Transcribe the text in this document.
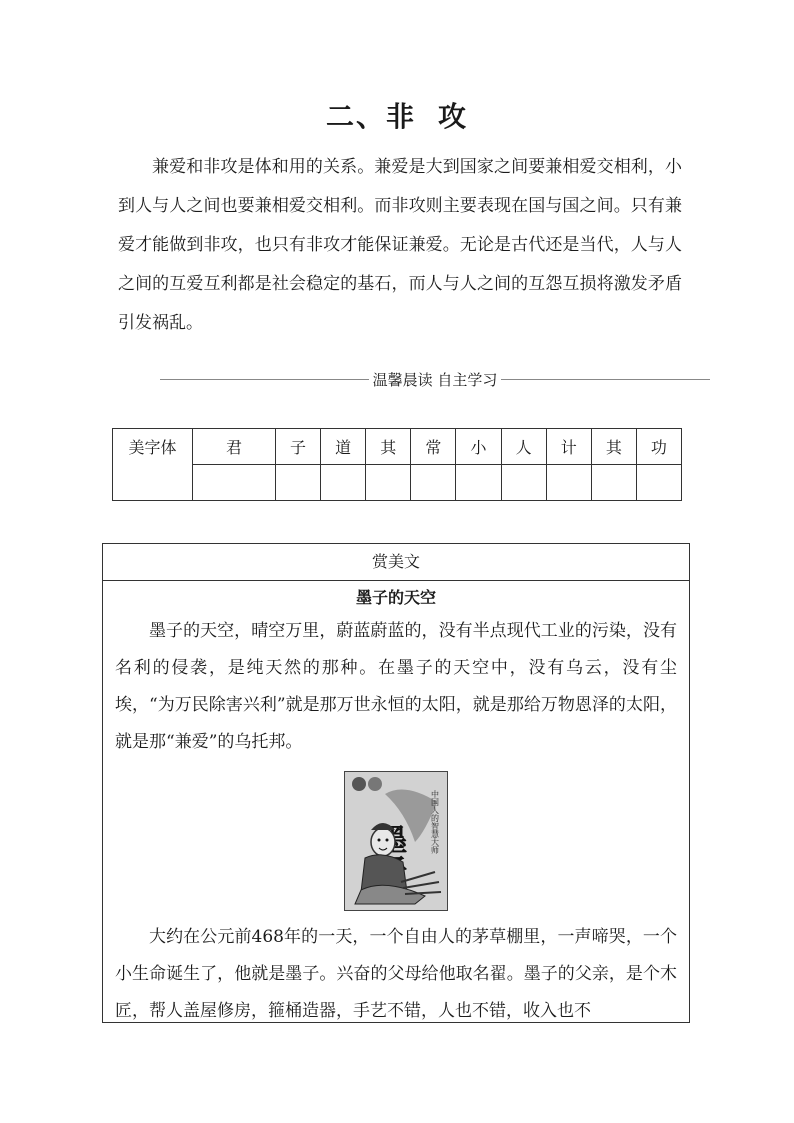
二、非 攻

兼爱和非攻是体和用的关系。兼爱是大到国家之间要兼相爱交相利，小到人与人之间也要兼相爱交相利。而非攻则主要表现在国与国之间。只有兼爱才能做到非攻，也只有非攻才能保证兼爱。无论是古代还是当代，人与人之间的互爱互利都是社会稳定的基石，而人与人之间的互怨互损将激发矛盾引发祸乱。

温馨晨读 自主学习
美字体	君	子	道	其	常	小	人	计	其	功

赏美文
墨子的天空

墨子的天空，晴空万里，蔚蓝蔚蓝的，没有半点现代工业的污染，没有名利的侵袭，是纯天然的那种。在墨子的天空中，没有乌云，没有尘埃，“为万民除害兴利”就是那万世永恒的太阳，就是那给万物恩泽的太阳，就是那“兼爱”的乌托邦。

中国人的智慧大师

大约在公元前468年的一天，一个自由人的茅草棚里，一声啼哭，一个小生命诞生了，他就是墨子。兴奋的父母给他取名翟。墨子的父亲，是个木匠，帮人盖屋修房，箍桶造器，手艺不错，人也不错，收入也不
